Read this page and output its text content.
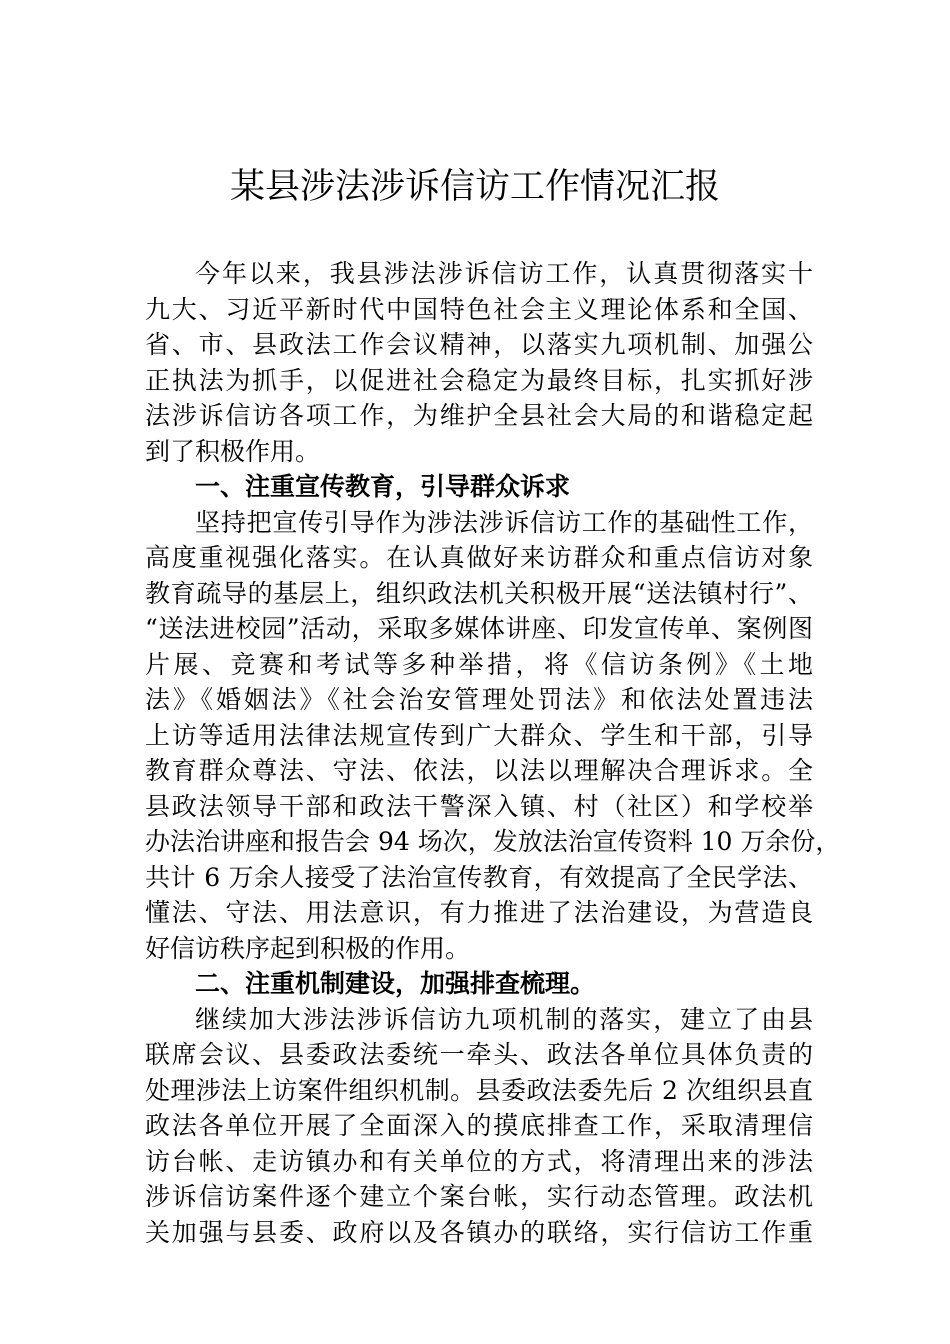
某县涉法涉诉信访工作情况汇报
今年以来，我县涉法涉诉信访工作，认真贯彻落实十
九大、习近平新时代中国特色社会主义理论体系和全国、
省、市、县政法工作会议精神，以落实九项机制、加强公
正执法为抓手，以促进社会稳定为最终目标，扎实抓好涉
法涉诉信访各项工作，为维护全县社会大局的和谐稳定起
到了积极作用。
一、注重宣传教育，引导群众诉求
坚持把宣传引导作为涉法涉诉信访工作的基础性工作，
高度重视强化落实。在认真做好来访群众和重点信访对象
教育疏导的基层上，组织政法机关积极开展“送法镇村行”、
“送法进校园”活动，采取多媒体讲座、印发宣传单、案例图
片展、竞赛和考试等多种举措，将《信访条例》《土地
法》《婚姻法》《社会治安管理处罚法》和依法处置违法
上访等适用法律法规宣传到广大群众、学生和干部，引导
教育群众尊法、守法、依法，以法以理解决合理诉求。全
县政法领导干部和政法干警深入镇、村（社区）和学校举
办法治讲座和报告会 94 场次，发放法治宣传资料 10 万余份，
共计 6 万余人接受了法治宣传教育，有效提高了全民学法、
懂法、守法、用法意识，有力推进了法治建设，为营造良
好信访秩序起到积极的作用。
二、注重机制建设，加强排查梳理。
继续加大涉法涉诉信访九项机制的落实，建立了由县
联席会议、县委政法委统一牵头、政法各单位具体负责的
处理涉法上访案件组织机制。县委政法委先后 2 次组织县直
政法各单位开展了全面深入的摸底排查工作，采取清理信
访台帐、走访镇办和有关单位的方式，将清理出来的涉法
涉诉信访案件逐个建立个案台帐，实行动态管理。政法机
关加强与县委、政府以及各镇办的联络，实行信访工作重
